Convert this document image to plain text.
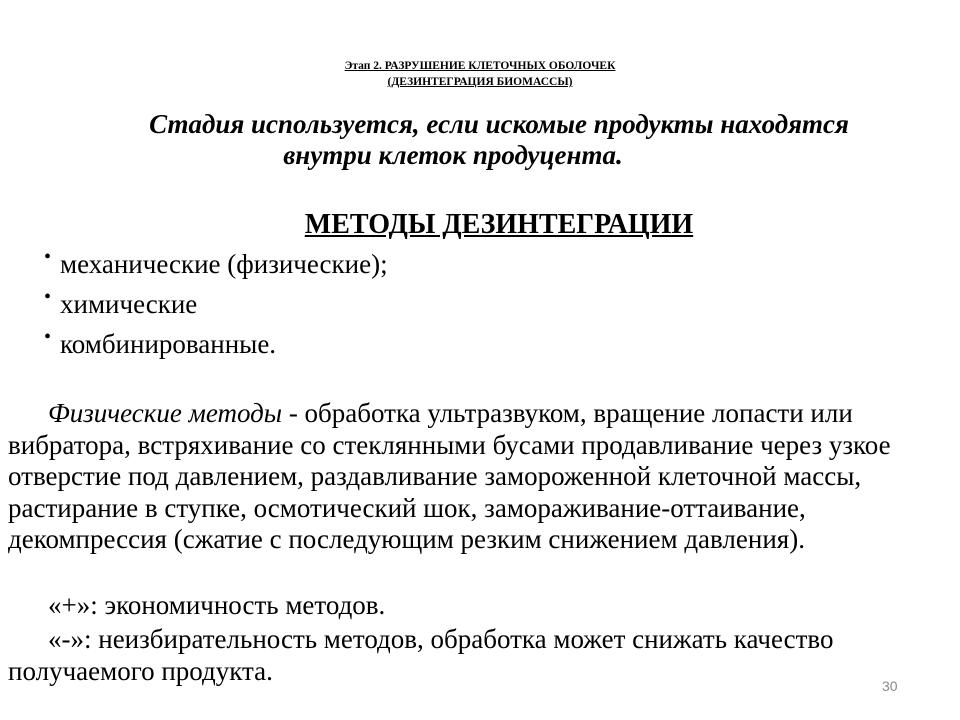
Этап 2. РАЗРУШЕНИЕ КЛЕТОЧНЫХ ОБОЛОЧЕК
(ДЕЗИНТЕГРАЦИЯ БИОМАССЫ)
Стадия используется, если искомые продукты находятся
внутри клеток продуцента.
МЕТОДЫ ДЕЗИНТЕГРАЦИИ
• механические (физические);
• химические
• комбинированные.

Физические методы - обработка ультразвуком, вращение лопасти или вибратора, встряхивание со стеклянными бусами продавливание через узкое отверстие под давлением, раздавливание замороженной клеточной массы, растирание в ступке, осмотический шок, замораживание-оттаивание, декомпрессия (сжатие с последующим резким снижением давления).

«+»: экономичность методов.

«-»: неизбирательность методов, обработка может снижать качество получаемого продукта.

30
